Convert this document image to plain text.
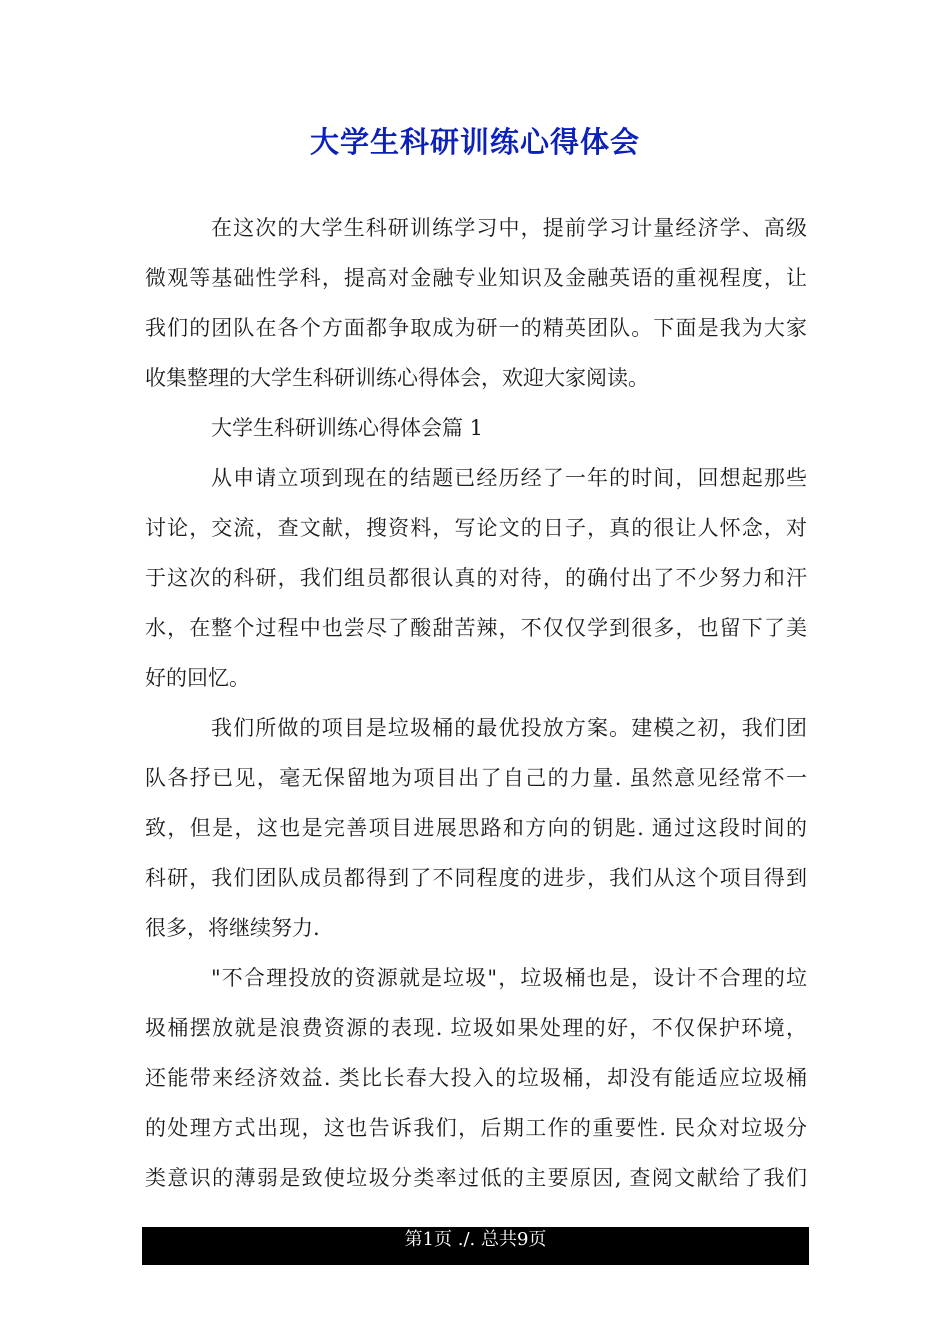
大学生科研训练心得体会
在这次的大学生科研训练学习中，提前学习计量经济学、高级
微观等基础性学科，提高对金融专业知识及金融英语的重视程度，让
我们的团队在各个方面都争取成为研一的精英团队。下面是我为大家
收集整理的大学生科研训练心得体会，欢迎大家阅读。
大学生科研训练心得体会篇 1
从申请立项到现在的结题已经历经了一年的时间，回想起那些
讨论，交流，查文献，搜资料，写论文的日子，真的很让人怀念，对
于这次的科研，我们组员都很认真的对待，的确付出了不少努力和汗
水，在整个过程中也尝尽了酸甜苦辣，不仅仅学到很多，也留下了美
好的回忆。
我们所做的项目是垃圾桶的最优投放方案。建模之初，我们团
队各抒已见，毫无保留地为项目出了自己的力量. 虽然意见经常不一
致，但是，这也是完善项目进展思路和方向的钥匙. 通过这段时间的
科研，我们团队成员都得到了不同程度的进步，我们从这个项目得到
很多，将继续努力.
"不合理投放的资源就是垃圾"，垃圾桶也是，设计不合理的垃
圾桶摆放就是浪费资源的表现. 垃圾如果处理的好，不仅保护环境，
还能带来经济效益. 类比长春大投入的垃圾桶，却没有能适应垃圾桶
的处理方式出现，这也告诉我们，后期工作的重要性. 民众对垃圾分
类意识的薄弱是致使垃圾分类率过低的主要原因, 查阅文献给了我们
第1页 ./. 总共9页
